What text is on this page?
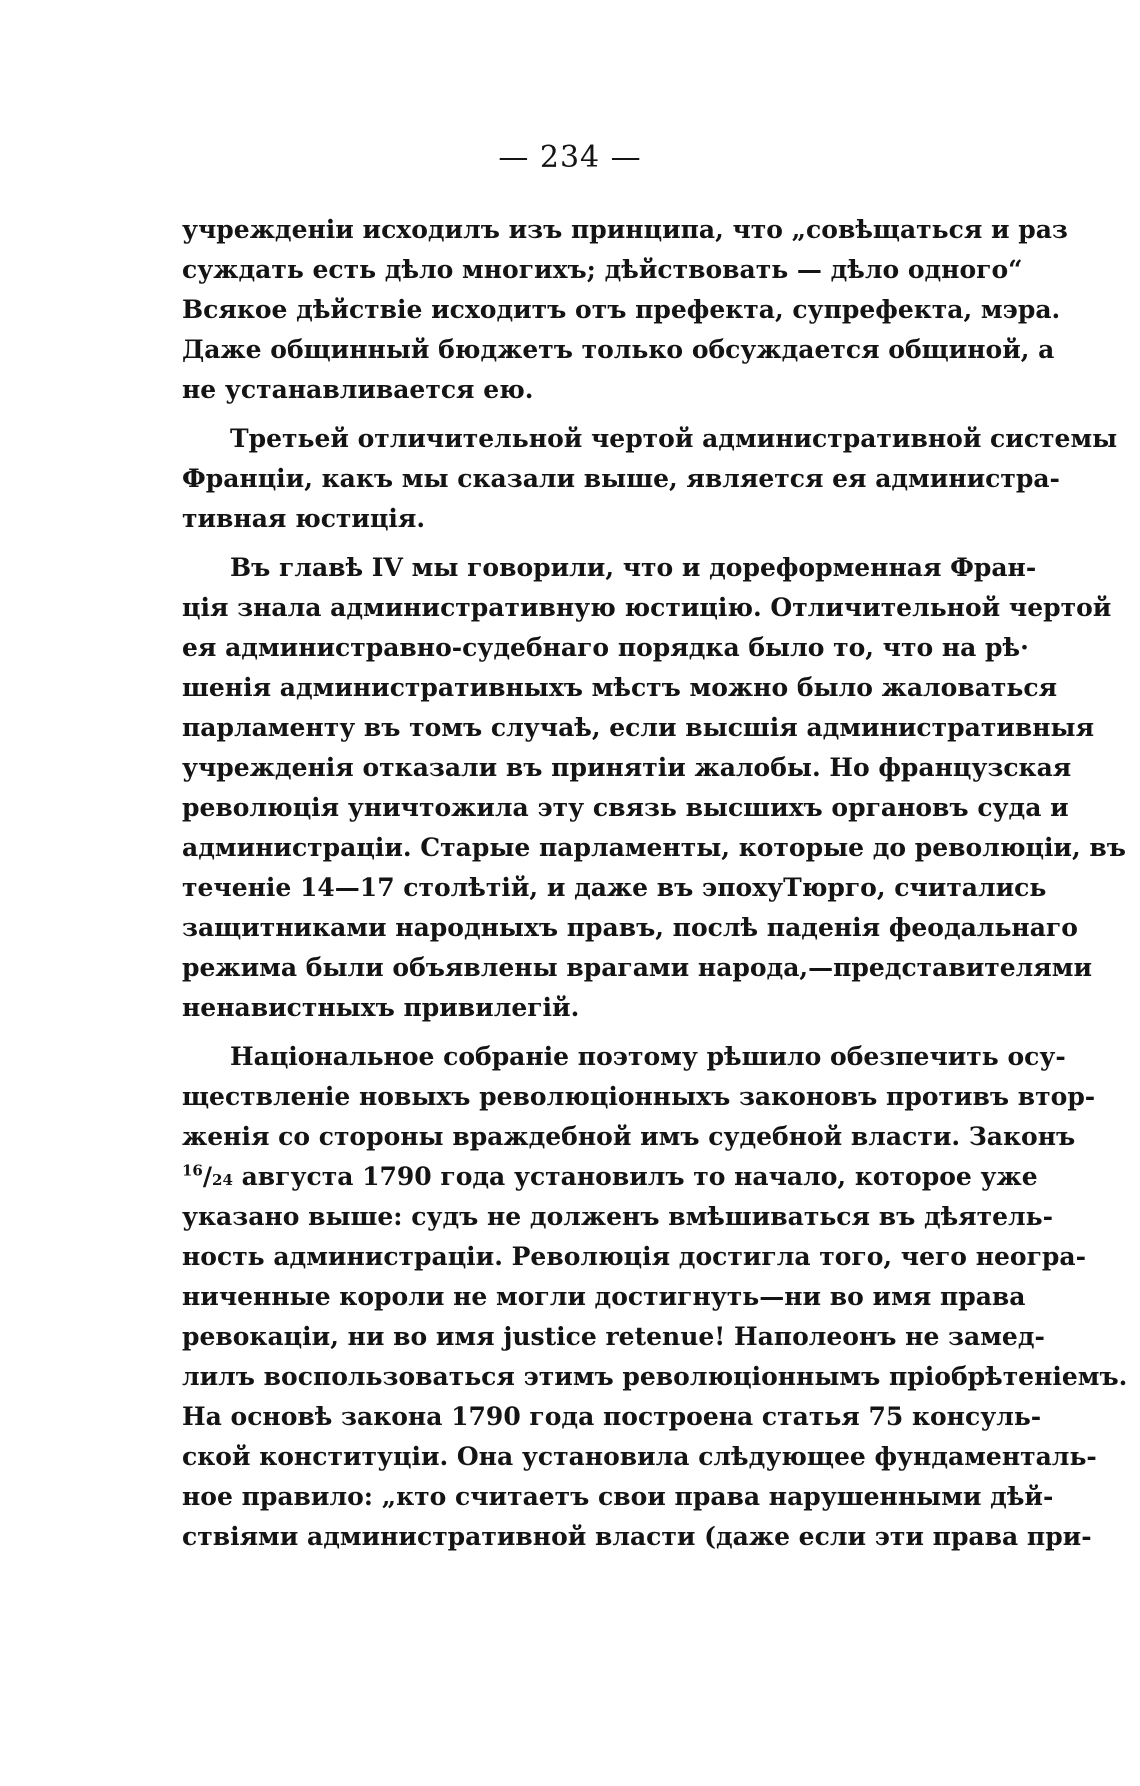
— 234 —
учрежденіи исходилъ изъ принципа, что „совѣщаться и раз
суждать есть дѣло многихъ; дѣйствовать — дѣло одного“
Всякое дѣйствіе исходитъ отъ префекта, супрефекта, мэра.
Даже общинный бюджетъ только обсуждается общиной, а
не устанавливается ею.
Третьей отличительной чертой административной системы
Франціи, какъ мы сказали выше, является ея администра-
тивная юстиція.
Въ главѣ IV мы говорили, что и дореформенная Фран-
ція знала административную юстицію. Отличительной чертой
ея администравно-судебнаго порядка было то, что на рѣ·
шенія административныхъ мѣстъ можно было жаловаться
парламенту въ томъ случаѣ, если высшія административныя
учрежденія отказали въ принятіи жалобы. Но французская
революція уничтожила эту связь высшихъ органовъ суда и
администраціи. Старые парламенты, которые до революціи, въ
теченіе 14—17 столѣтій, и даже въ эпохуТюрго, считались
защитниками народныхъ правъ, послѣ паденія феодальнаго
режима были объявлены врагами народа,—представителями
ненавистныхъ привилегій.
Національное собраніе поэтому рѣшило обезпечить осу-
ществленіе новыхъ революціонныхъ законовъ противъ втор-
женія со стороны враждебной имъ судебной власти. Законъ
$^{16}$/24 августа 1790 года установилъ то начало, которое уже
указано выше: судъ не долженъ вмѣшиваться въ дѣятель-
ность администраціи. Революція достигла того, чего неогра-
ниченные короли не могли достигнуть—ни во имя права
ревокаціи, ни во имя justice retenue! Наполеонъ не замед-
лилъ воспользоваться этимъ революціоннымъ пріобрѣтеніемъ.
На основѣ закона 1790 года построена статья 75 консуль-
ской конституціи. Она установила слѣдующее фундаменталь-
ное правило: „кто считаетъ свои права нарушенными дѣй-
ствіями административной власти (даже если эти права при-
